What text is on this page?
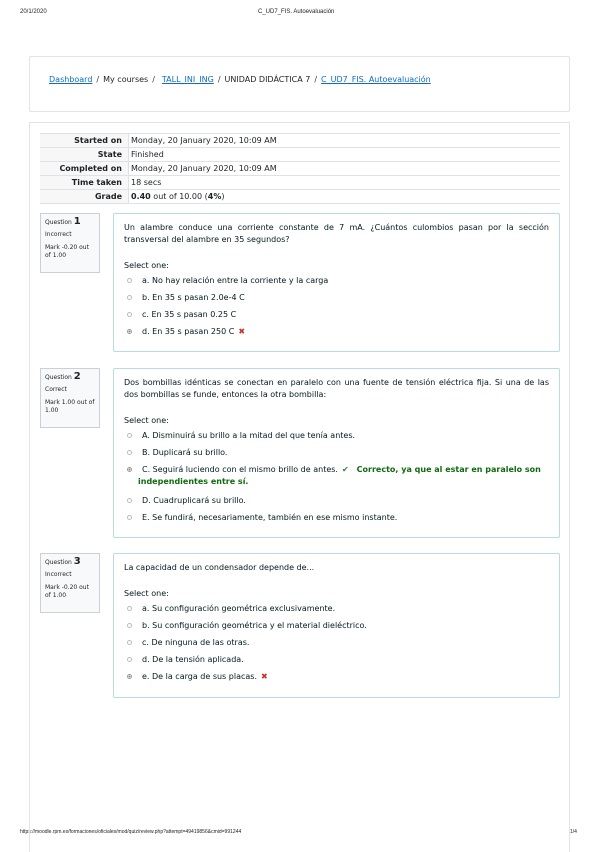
20/1/2020	C_UD7_FIS. Autoevaluación
https://moodle.rpm.es/formaciones/oficiales/mod/quiz/review.php?attempt=49419856&cmid=991244	1/4
Dashboard / My courses / TALL_INI_ING / UNIDAD DIDÁCTICA 7 / C_UD7_FIS. Autoevaluación
Started on	Monday, 20 January 2020, 10:09 AM
State	Finished
Completed on	Monday, 20 January 2020, 10:09 AM
Time taken	18 secs
Grade	0.40 out of 10.00 (4%)
Question 1
Incorrect
Mark -0.20 out of 1.00
Un alambre conduce una corriente constante de 7 mA. ¿Cuántos culombios pasan por la sección transversal del alambre en 35 segundos?
Select one:
a. No hay relación entre la corriente y la carga
b. En 35 s pasan 2.0e-4 C
c. En 35 s pasan 0.25 C
d. En 35 s pasan 250 C ✖
Question 2
Correct
Mark 1.00 out of 1.00
Dos bombillas idénticas se conectan en paralelo con una fuente de tensión eléctrica fija. Si una de las dos bombillas se funde, entonces la otra bombilla:
Select one:
A. Disminuirá su brillo a la mitad del que tenía antes.
B. Duplicará su brillo.
C. Seguirá luciendo con el mismo brillo de antes. ✔ Correcto, ya que al estar en paralelo son
independientes entre sí.
D. Cuadruplicará su brillo.
E. Se fundirá, necesariamente, también en ese mismo instante.
Question 3
Incorrect
Mark -0.20 out of 1.00
La capacidad de un condensador depende de...
Select one:
a. Su configuración geométrica exclusivamente.
b. Su configuración geométrica y el material dieléctrico.
c. De ninguna de las otras.
d. De la tensión aplicada.
e. De la carga de sus placas. ✖
